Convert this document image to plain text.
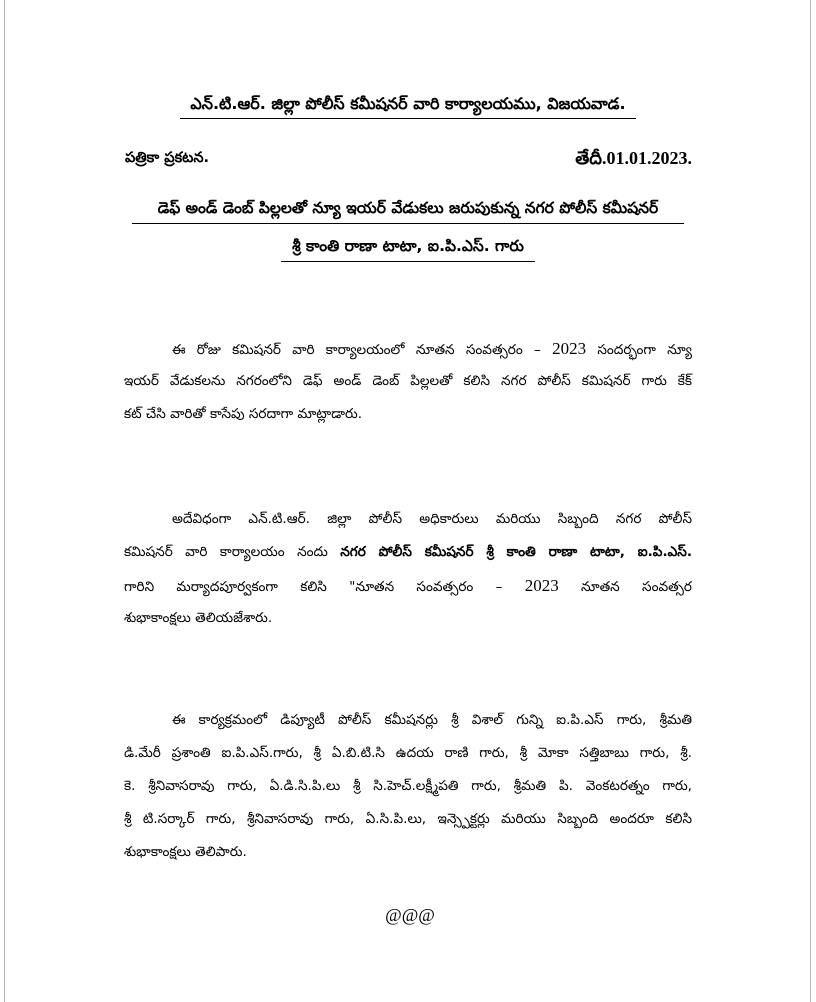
ఎన్.టి.ఆర్. జిల్లా పోలీస్ కమీషనర్ వారి కార్యాలయము, విజయవాడ.
పత్రికా ప్రకటన.	తేదీ.01.01.2023.
డెఫ్ అండ్ డెంబ్ పిల్లలతో న్యూ ఇయర్ వేడుకలు జరుపుకున్న నగర పోలీస్ కమీషనర్
శ్రీ కాంతి రాణా టాటా, ఐ.పి.ఎస్. గారు
ఈ రోజు కమిషనర్ వారి కార్యాలయంలో నూతన సంవత్సరం – 2023 సందర్భంగా న్యూ
ఇయర్ వేడుకలను నగరంలోని డెఫ్ అండ్ డెంబ్ పిల్లలతో కలిసి నగర పోలీస్ కమిషనర్ గారు కేక్
కట్ చేసి వారితో కాసేపు సరదాగా మాట్లాడారు.
అదేవిధంగా ఎన్.టి.ఆర్. జిల్లా పోలీస్ అధికారులు మరియు సిబ్బంది నగర పోలీస్
కమిషనర్ వారి కార్యాలయం నందు నగర పోలీస్ కమీషనర్ శ్రీ కాంతి రాణా టాటా, ఐ.పి.ఎస్.
గారిని మర్యాదపూర్వకంగా కలిసి "నూతన సంవత్సరం – 2023 నూతన సంవత్సర
శుభాకాంక్షలు తెలియజేశారు.
ఈ కార్యక్రమంలో డిప్యూటీ పోలీస్ కమీషనర్లు శ్రీ విశాల్ గున్ని ఐ.పి.ఎస్ గారు, శ్రీమతి
డి.మేరీ ప్రశాంతి ఐ.పి.ఎస్.గారు, శ్రీ ఏ.బి.టి.సి ఉదయ రాణి గారు, శ్రీ మోకా సత్తిబాబు గారు, శ్రీ.
కె. శ్రీనివాసరావు గారు, ఏ.డి.సి.పి.లు శ్రీ సి.హెచ్.లక్ష్మీపతి గారు, శ్రీమతి పి. వెంకటరత్నం గారు,
శ్రీ టి.సర్కార్ గారు, శ్రీనివాసరావు గారు, ఏ.సి.పి.లు, ఇన్స్పెక్టర్లు మరియు సిబ్బంది అందరూ కలిసి
శుభాకాంక్షలు తెలిపారు.
@@@
